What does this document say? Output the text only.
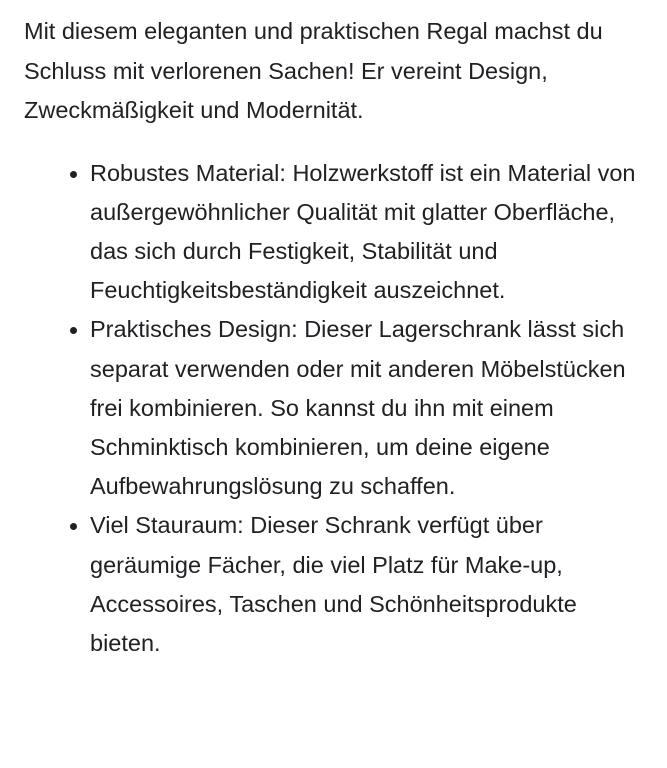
Mit diesem eleganten und praktischen Regal machst du Schluss mit verlorenen Sachen! Er vereint Design, Zweckmäßigkeit und Modernität.

Robustes Material: Holzwerkstoff ist ein Material von außergewöhnlicher Qualität mit glatter Oberfläche, das sich durch Festigkeit, Stabilität und Feuchtigkeitsbeständigkeit auszeichnet.
Praktisches Design: Dieser Lagerschrank lässt sich separat verwenden oder mit anderen Möbelstücken frei kombinieren. So kannst du ihn mit einem Schminktisch kombinieren, um deine eigene Aufbewahrungslösung zu schaffen.
Viel Stauraum: Dieser Schrank verfügt über geräumige Fächer, die viel Platz für Make-up, Accessoires, Taschen und Schönheitsprodukte bieten.
